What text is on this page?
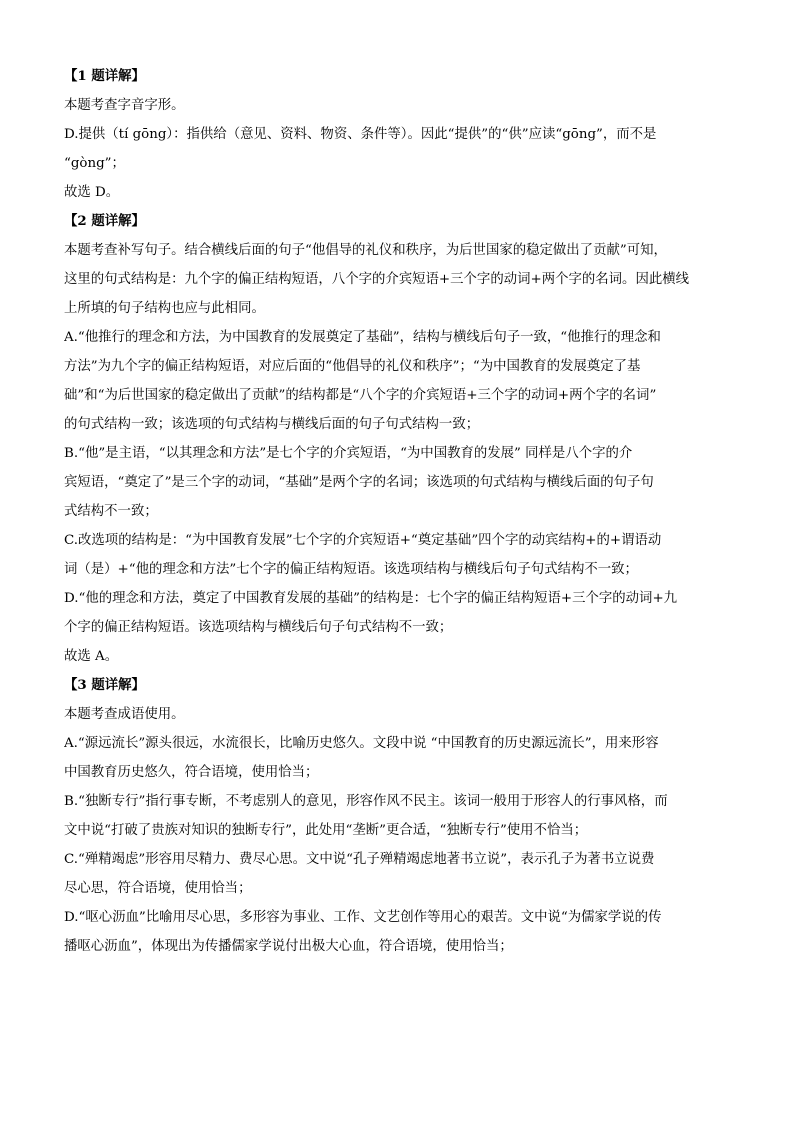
【1 题详解】
本题考查字音字形。
D.提供（tí gōng）：指供给（意见、资料、物资、条件等）。因此“提供”的“供”应读“gōng”，而不是
“gòng”；
故选 D。
【2 题详解】
本题考查补写句子。结合横线后面的句子“他倡导的礼仪和秩序，为后世国家的稳定做出了贡献”可知，
这里的句式结构是：九个字的偏正结构短语，八个字的介宾短语+三个字的动词+两个字的名词。因此横线
上所填的句子结构也应与此相同。
A.“他推行的理念和方法，为中国教育的发展奠定了基础”，结构与横线后句子一致，“他推行的理念和
方法”为九个字的偏正结构短语，对应后面的“他倡导的礼仪和秩序”；“为中国教育的发展奠定了基
础”和“为后世国家的稳定做出了贡献”的结构都是“八个字的介宾短语+三个字的动词+两个字的名词”
的句式结构一致；该选项的句式结构与横线后面的句子句式结构一致；
B.“他”是主语，“以其理念和方法”是七个字的介宾短语，“为中国教育的发展” 同样是八个字的介
宾短语，“奠定了”是三个字的动词，“基础”是两个字的名词；该选项的句式结构与横线后面的句子句
式结构不一致；
C.改选项的结构是：“为中国教育发展”七个字的介宾短语+“奠定基础”四个字的动宾结构+的+谓语动
词（是）+“他的理念和方法”七个字的偏正结构短语。该选项结构与横线后句子句式结构不一致；
D.“他的理念和方法，奠定了中国教育发展的基础”的结构是：七个字的偏正结构短语+三个字的动词+九
个字的偏正结构短语。该选项结构与横线后句子句式结构不一致；
故选 A。
【3 题详解】
本题考查成语使用。
A.“源远流长”源头很远，水流很长，比喻历史悠久。文段中说 “中国教育的历史源远流长”，用来形容
中国教育历史悠久，符合语境，使用恰当；
B.“独断专行”指行事专断，不考虑别人的意见，形容作风不民主。该词一般用于形容人的行事风格，而
文中说“打破了贵族对知识的独断专行”，此处用“垄断”更合适，“独断专行”使用不恰当；
C.“殚精竭虑”形容用尽精力、费尽心思。文中说“孔子殚精竭虑地著书立说”，表示孔子为著书立说费
尽心思，符合语境，使用恰当；
D.“呕心沥血”比喻用尽心思，多形容为事业、工作、文艺创作等用心的艰苦。文中说“为儒家学说的传
播呕心沥血”，体现出为传播儒家学说付出极大心血，符合语境，使用恰当；
